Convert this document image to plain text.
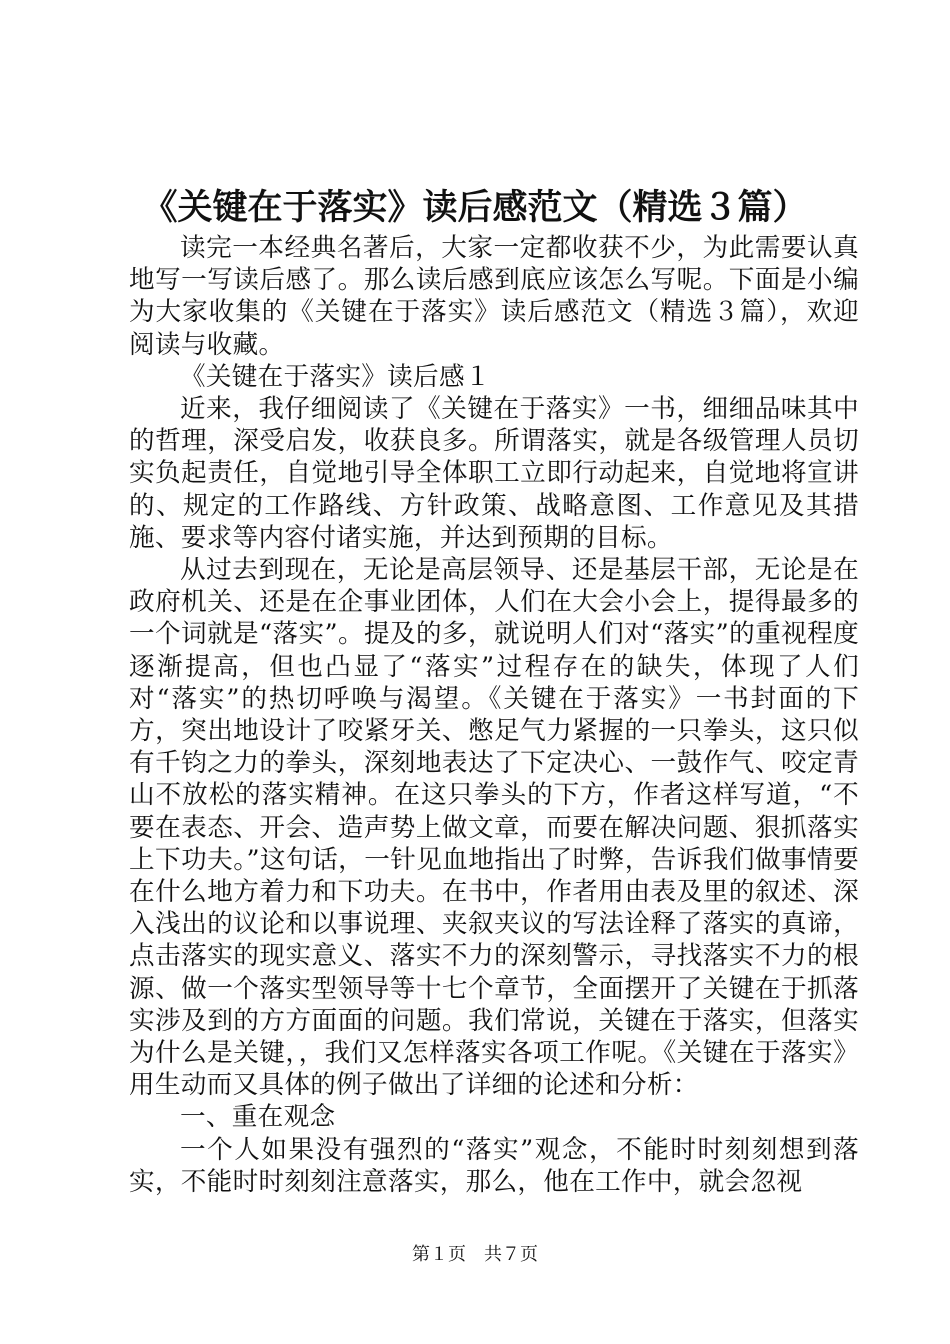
《关键在于落实》读后感范文（精选３篇）

读完一本经典名著后，大家一定都收获不少，为此需要认真地写一写读后感了。那么读后感到底应该怎么写呢。下面是小编为大家收集的《关键在于落实》读后感范文（精选３篇），欢迎阅读与收藏。

《关键在于落实》读后感１

近来，我仔细阅读了《关键在于落实》一书，细细品味其中的哲理，深受启发，收获良多。所谓落实，就是各级管理人员切实负起责任，自觉地引导全体职工立即行动起来，自觉地将宣讲的、规定的工作路线、方针政策、战略意图、工作意见及其措施、要求等内容付诸实施，并达到预期的目标。

从过去到现在，无论是高层领导、还是基层干部，无论是在政府机关、还是在企事业团体，人们在大会小会上，提得最多的一个词就是“落实”。提及的多，就说明人们对“落实”的重视程度逐渐提高，但也凸显了“落实”过程存在的缺失，体现了人们对“落实”的热切呼唤与渴望。《关键在于落实》一书封面的下方，突出地设计了咬紧牙关、憋足气力紧握的一只拳头，这只似有千钧之力的拳头，深刻地表达了下定决心、一鼓作气、咬定青山不放松的落实精神。在这只拳头的下方，作者这样写道，“不要在表态、开会、造声势上做文章，而要在解决问题、狠抓落实上下功夫。”这句话，一针见血地指出了时弊，告诉我们做事情要在什么地方着力和下功夫。在书中，作者用由表及里的叙述、深入浅出的议论和以事说理、夹叙夹议的写法诠释了落实的真谛，点击落实的现实意义、落实不力的深刻警示，寻找落实不力的根源、做一个落实型领导等十七个章节，全面摆开了关键在于抓落实涉及到的方方面面的问题。我们常说，关键在于落实，但落实为什么是关键，，我们又怎样落实各项工作呢。《关键在于落实》用生动而又具体的例子做出了详细的论述和分析：

一、重在观念

一个人如果没有强烈的“落实”观念，不能时时刻刻想到落实，不能时时刻刻注意落实，那么，他在工作中，就会忽视

第１页　共７页
